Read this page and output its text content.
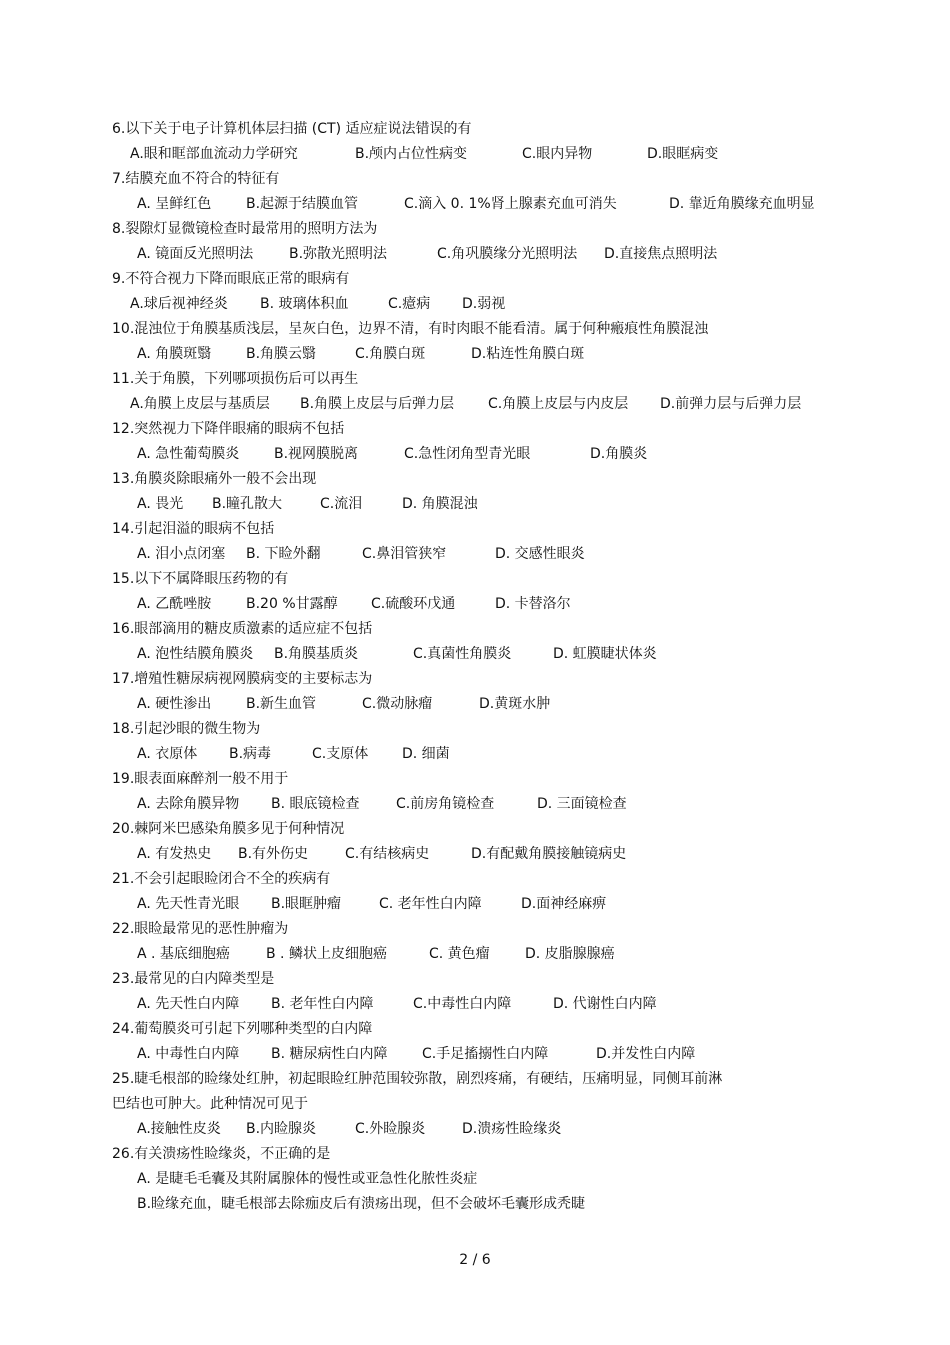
6.以下关于电子计算机体层扫描 (CT) 适应症说法错误的有
A.眼和眶部血流动力学研究	B.颅内占位性病变	C.眼内异物	D.眼眶病变
7.结膜充血不符合的特征有
A. 呈鲜红色 B.起源于结膜血管	C.滴入 0. 1%肾上腺素充血可消失	D. 靠近角膜缘充血明显
8.裂隙灯显微镜检查时最常用的照明方法为
A. 镜面反光照明法	B.弥散光照明法	C.角巩膜缘分光照明法 D.直接焦点照明法
9.不符合视力下降而眼底正常的眼病有
A.球后视神经炎 B. 玻璃体积血	C.癔病 D.弱视
10.混浊位于角膜基质浅层，呈灰白色，边界不清，有时肉眼不能看清。属于何种瘢痕性角膜混浊
A. 角膜斑翳 B.角膜云翳	C.角膜白斑	D.粘连性角膜白斑
11.关于角膜，下列哪项损伤后可以再生
A.角膜上皮层与基质层 B.角膜上皮层与后弹力层 C.角膜上皮层与内皮层 D.前弹力层与后弹力层
12.突然视力下降伴眼痛的眼病不包括
A. 急性葡萄膜炎 B.视网膜脱离	C.急性闭角型青光眼	D.角膜炎
13.角膜炎除眼痛外一般不会出现
A. 畏光 B.瞳孔散大	C.流泪	D. 角膜混浊
14.引起泪溢的眼病不包括
A. 泪小点闭塞 B. 下睑外翻	C.鼻泪管狭窄	D. 交感性眼炎
15.以下不属降眼压药物的有
A. 乙酰唑胺 B.20 %甘露醇 C.硫酸环戊通	D. 卡替洛尔
16.眼部滴用的糖皮质激素的适应症不包括
A. 泡性结膜角膜炎 B.角膜基质炎	C.真菌性角膜炎	D. 虹膜睫状体炎
17.增殖性糖尿病视网膜病变的主要标志为
A. 硬性渗出 B.新生血管	C.微动脉瘤	D.黄斑水肿
18.引起沙眼的微生物为
A. 衣原体 B.病毒	C.支原体 D. 细菌
19.眼表面麻醉剂一般不用于
A. 去除角膜异物 B. 眼底镜检查	C.前房角镜检查	D. 三面镜检查
20.棘阿米巴感染角膜多见于何种情况
A. 有发热史 B.有外伤史	C.有结核病史	D.有配戴角膜接触镜病史
21.不会引起眼睑闭合不全的疾病有
A. 先天性青光眼 B.眼眶肿瘤	C. 老年性白内障	D.面神经麻痹
22.眼睑最常见的恶性肿瘤为
A . 基底细胞癌	B . 鳞状上皮细胞癌	C. 黄色瘤	D. 皮脂腺腺癌
23.最常见的白内障类型是
A. 先天性白内障 B. 老年性白内障	C.中毒性白内障	D. 代谢性白内障
24.葡萄膜炎可引起下列哪种类型的白内障
A. 中毒性白内障 B. 糖尿病性白内障 C.手足搐搦性白内障	D.并发性白内障
25.睫毛根部的睑缘处红肿，初起眼睑红肿范围较弥散，剧烈疼痛，有硬结，压痛明显，同侧耳前淋
巴结也可肿大。此种情况可见于
A.接触性皮炎 B.内睑腺炎	C.外睑腺炎	D.溃疡性睑缘炎
26.有关溃疡性睑缘炎，不正确的是
A. 是睫毛毛囊及其附属腺体的慢性或亚急性化脓性炎症
B.睑缘充血，睫毛根部去除痂皮后有溃疡出现，但不会破坏毛囊形成秃睫
2 / 6
